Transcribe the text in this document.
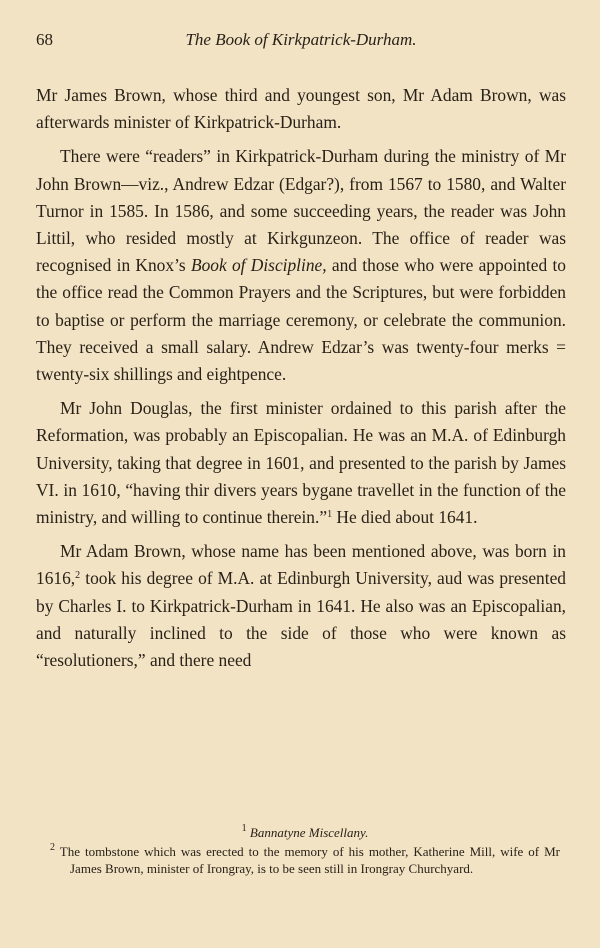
68	The Book of Kirkpatrick-Durham.

Mr James Brown, whose third and youngest son, Mr Adam Brown, was afterwards minister of Kirkpatrick-Durham.

There were “readers” in Kirkpatrick-Durham during the ministry of Mr John Brown—viz., Andrew Edzar (Edgar?), from 1567 to 1580, and Walter Turnor in 1585. In 1586, and some succeeding years, the reader was John Littil, who resided mostly at Kirkgunzeon. The office of reader was recognised in Knox’s Book of Discipline, and those who were appointed to the office read the Common Prayers and the Scriptures, but were forbidden to baptise or perform the marriage ceremony, or celebrate the communion. They received a small salary. Andrew Edzar’s was twenty-four merks = twenty-six shillings and eightpence.

Mr John Douglas, the first minister ordained to this parish after the Reformation, was probably an Episcopalian. He was an M.A. of Edinburgh University, taking that degree in 1601, and presented to the parish by James VI. in 1610, “having thir divers years bygane travellet in the function of the ministry, and willing to continue therein.”$^1$ He died about 1641.

Mr Adam Brown, whose name has been mentioned above, was born in 1616,$^2$ took his degree of M.A. at Edinburgh University, aud was presented by Charles I. to Kirkpatrick-Durham in 1641. He also was an Episcopalian, and naturally inclined to the side of those who were known as “resolutioners,” and there need

$^1$ Bannatyne Miscellany.
$^2$ The tombstone which was erected to the memory of his mother, Katherine Mill, wife of Mr James Brown, minister of Irongray, is to be seen still in Irongray Churchyard.
